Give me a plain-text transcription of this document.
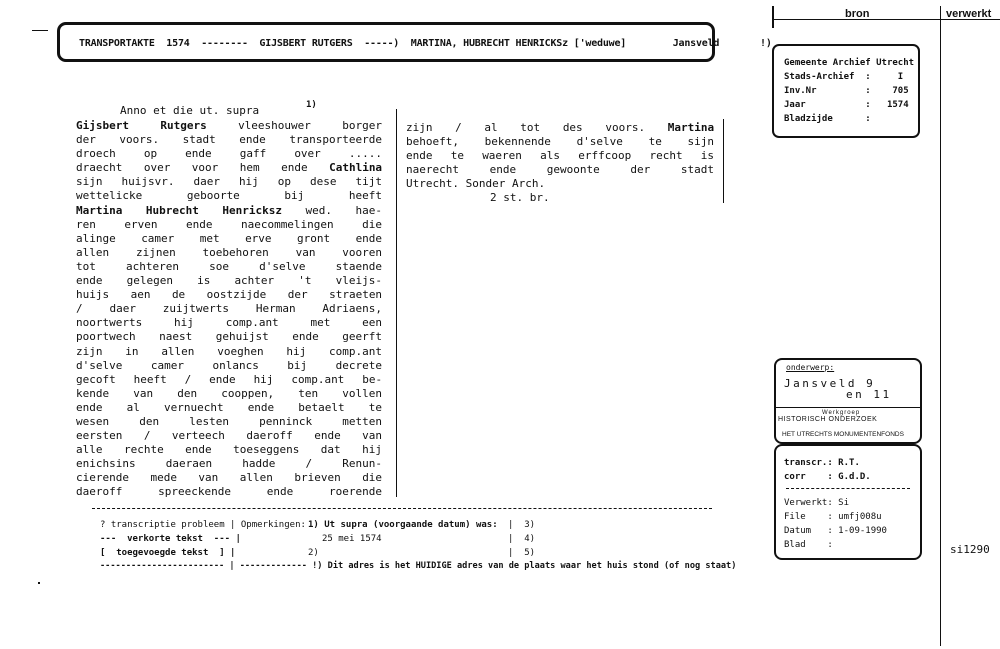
TRANSPORTAKTE  1574  --------  GIJSBERT RUTGERS  -----)  MARTINA, HUBRECHT HENRICKSz ['weduwe]        Jansveld       !)
bron	verwerkt
Gemeente Archief Utrecht
Stads-Archief  :     I
Inv.Nr         :    705
Jaar           :   1574
Bladzijde      :
Anno et die ut. supra	1)
Gijsbert	Rutgers	vleeshouwer	borger
der voors. stadt ende transporteerde
droech	op	ende	gaff	over	.....
draecht over voor hem ende Cathlina
sijn huijsvr. daer hij op dese tijt
wettelicke	geboorte	bij	heeft
Martina Hubrecht Henricksz wed. hae-
ren	erven	ende	naecommelingen	die
alinge camer met erve gront ende
allen zijnen toebehoren van vooren
tot	achteren	soe	d'selve	staende
ende gelegen is achter 't vleijs-
huijs aen de oostzijde der straeten
/ daer zuijtwerts Herman Adriaens,
noortwerts	hij	comp.ant	met	een
poortwech naest gehuijst ende geerft
zijn in allen voeghen hij comp.ant
d'selve	camer	onlancs	bij	decrete
gecoft heeft / ende hij comp.ant be-
kende van den cooppen, ten vollen
ende al vernuecht ende betaelt te
wesen	den	lesten	penninck	metten
eersten / verteech daeroff ende van
alle rechte ende toeseggens dat hij
enichsins	daeraen	hadde	/	Renun-
cierende mede van allen brieven die
daeroff	spreeckende	ende	roerende
zijn / al tot des voors. Martina
behoeft, bekennende d'selve te sijn
ende te waeren als erffcoop recht is
naerecht	ende	gewoonte	der	stadt
Utrecht. Sonder Arch.
2 st. br.
? transcriptie probleem | Opmerkingen: 1) Ut supra (voorgaande datum) was: |  3)
---  verkorte tekst  --- |	25 mei 1574	|  4)
[  toegevoegde tekst  ] |	2)	|  5)
------------------------ | ------------- !) Dit adres is het HUIDIGE adres van de plaats waar het huis stond (of nog staat)
onderwerp:
Jansveld 9
en 11
Werkgroep
HISTORISCH ONDERZOEK
HET UTRECHTS MONUMENTENFONDS
transcr.: R.T.
corr    : G.d.D.
Verwerkt: Si
File    : umfj008u
Datum   : 1-09-1990
Blad    :	si1290
